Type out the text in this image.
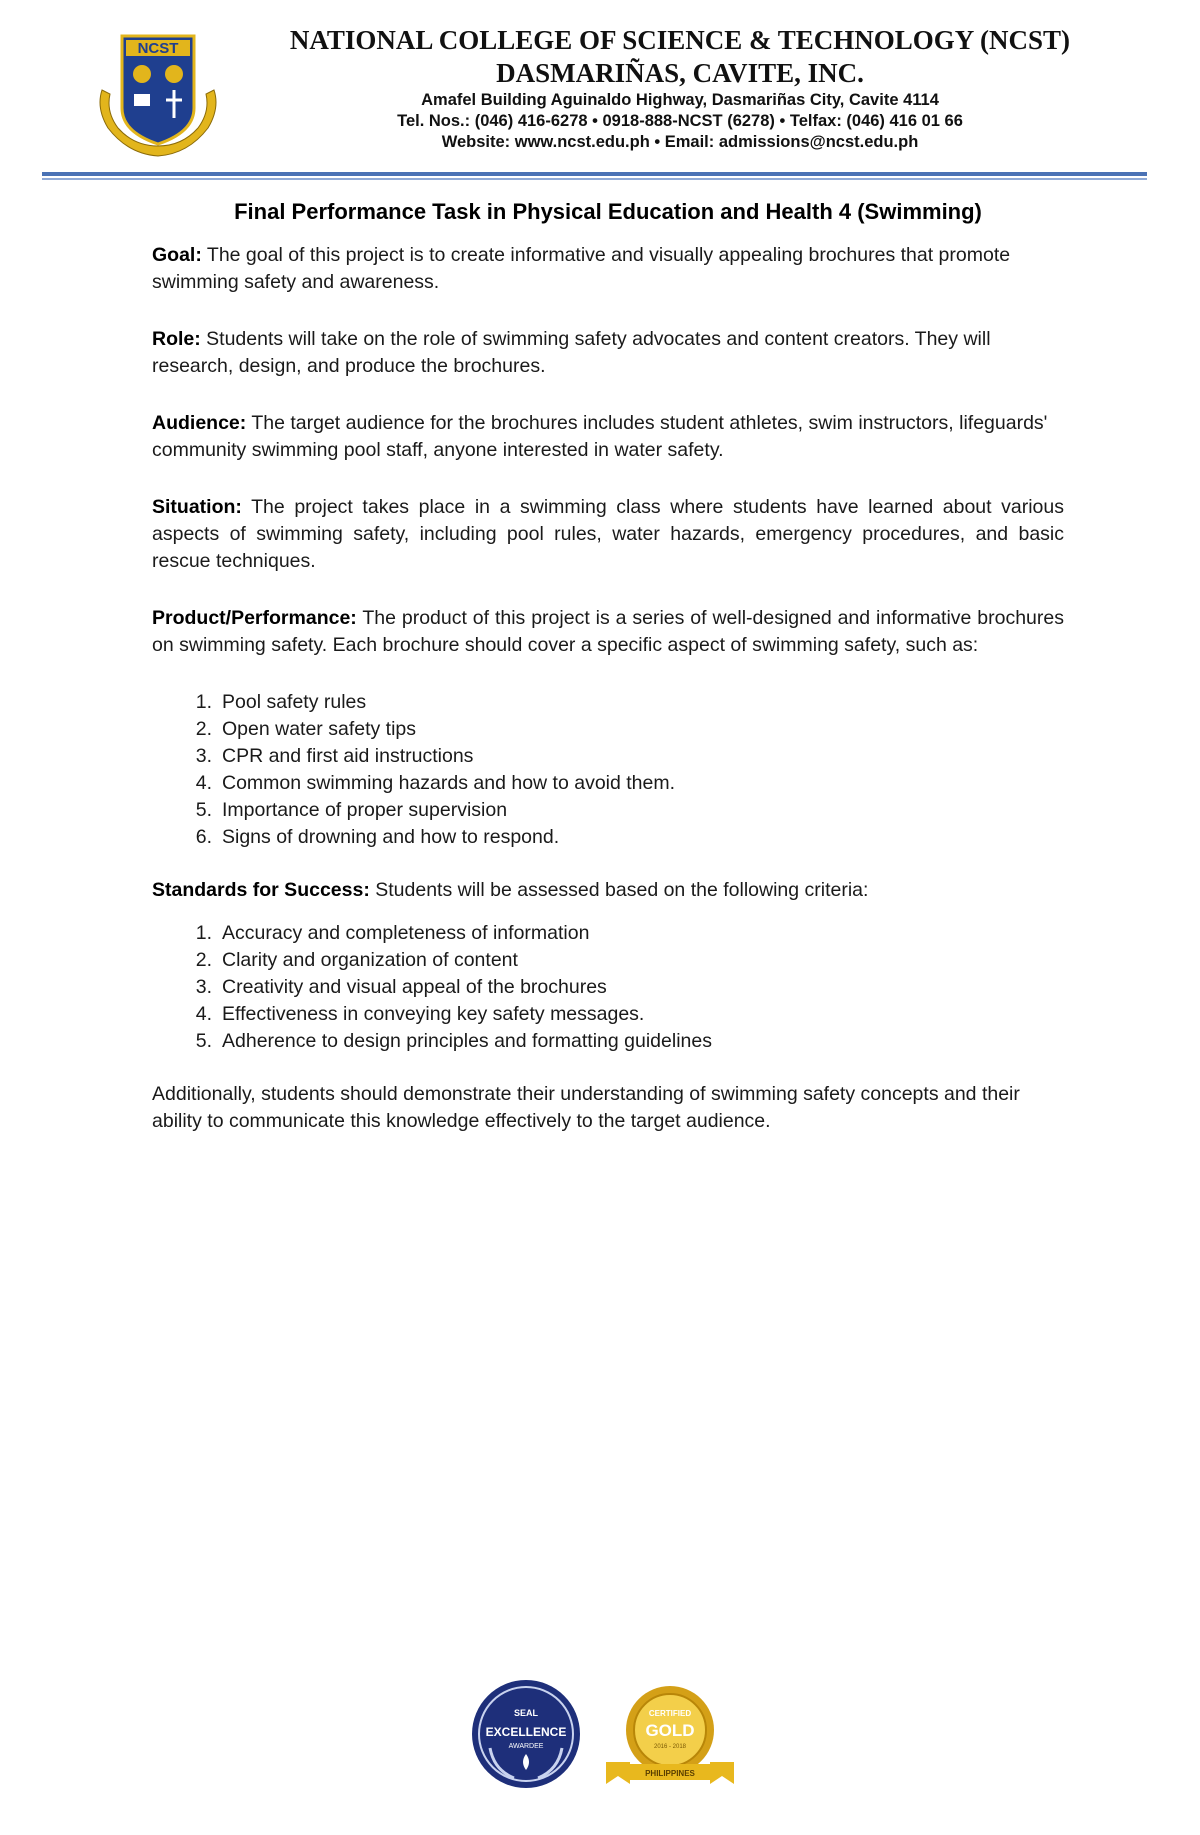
NCST	NATIONAL COLLEGE OF SCIENCE & TECHNOLOGY (NCST)
DASMARIÑAS, CAVITE, INC.
Amafel Building Aguinaldo Highway, Dasmariñas City, Cavite 4114
Tel. Nos.: (046) 416-6278 • 0918-888-NCST (6278) • Telfax: (046) 416 01 66
Website: www.ncst.edu.ph • Email: admissions@ncst.edu.ph
Final Performance Task in Physical Education and Health 4 (Swimming)

Goal: The goal of this project is to create informative and visually appealing brochures that promote swimming safety and awareness.

Role: Students will take on the role of swimming safety advocates and content creators. They will research, design, and produce the brochures.

Audience: The target audience for the brochures includes student athletes, swim instructors, lifeguards' community swimming pool staff, anyone interested in water safety.

Situation: The project takes place in a swimming class where students have learned about various aspects of swimming safety, including pool rules, water hazards, emergency procedures, and basic rescue techniques.

Product/Performance: The product of this project is a series of well-designed and informative brochures on swimming safety. Each brochure should cover a specific aspect of swimming safety, such as:

1. Pool safety rules
2. Open water safety tips
3. CPR and first aid instructions
4. Common swimming hazards and how to avoid them.
5. Importance of proper supervision
6. Signs of drowning and how to respond.

Standards for Success: Students will be assessed based on the following criteria:

1. Accuracy and completeness of information
2. Clarity and organization of content
3. Creativity and visual appeal of the brochures
4. Effectiveness in conveying key safety messages.
5. Adherence to design principles and formatting guidelines

Additionally, students should demonstrate their understanding of swimming safety concepts and their ability to communicate this knowledge effectively to the target audience.

SEAL
EXCELLENCE
AWARDEE
CERTIFIED
GOLD
2016 - 2018
PHILIPPINES
